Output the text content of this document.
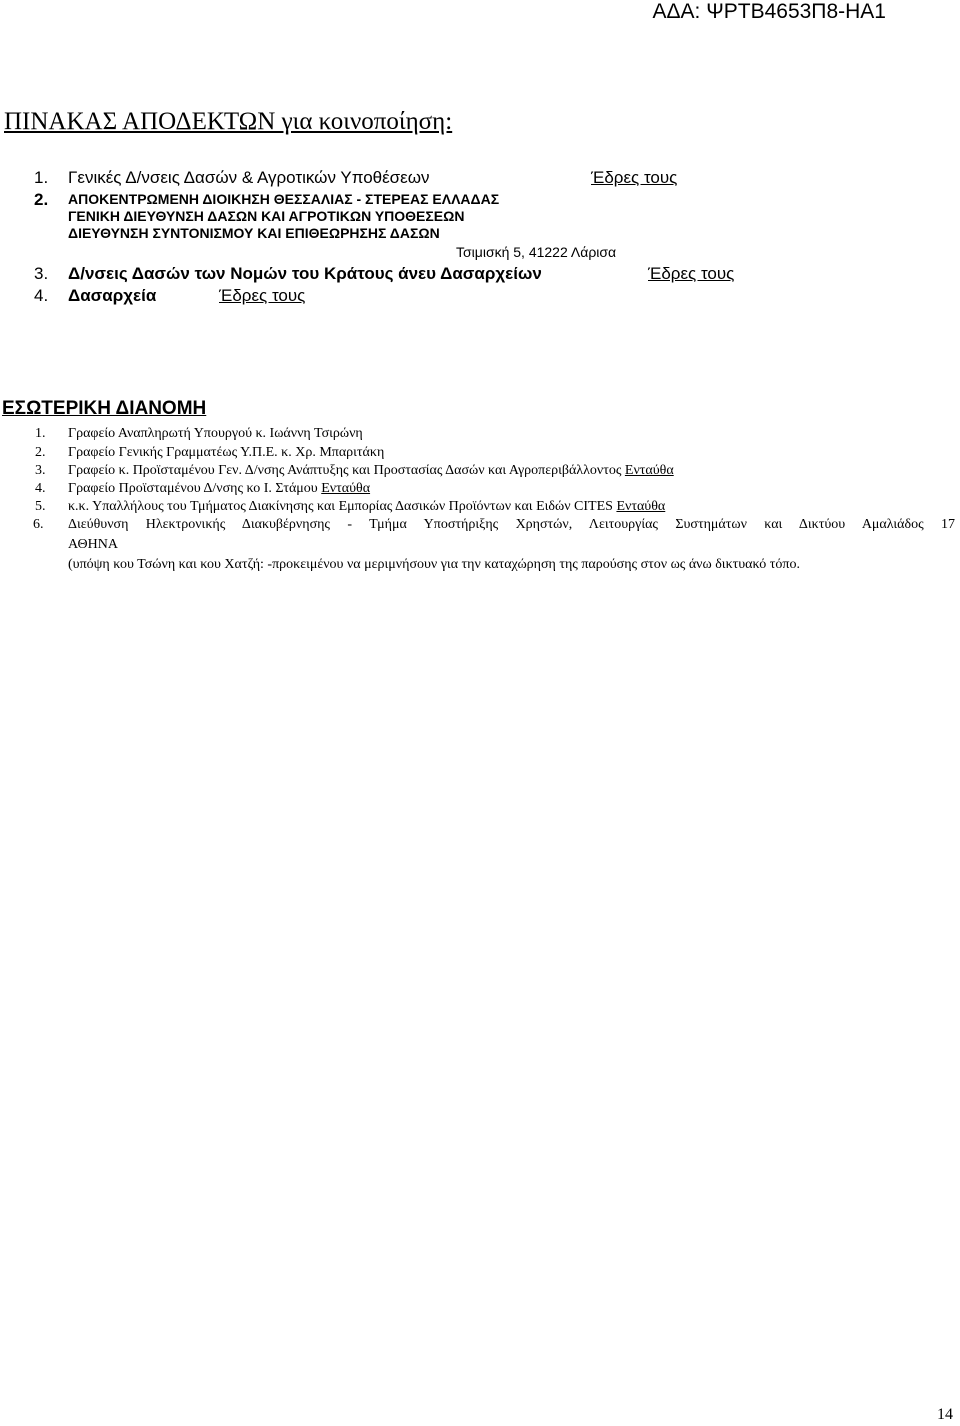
ΑΔΑ: ΨΡΤΒ4653Π8-ΗΑ1
ΠΙΝΑΚΑΣ ΑΠΟΔΕΚΤΩΝ για κοινοποίηση:
1. Γενικές Δ/νσεις Δασών & Αγροτικών Υποθέσεων	Έδρες τους
2. ΑΠΟΚΕΝΤΡΩΜΕΝΗ ΔΙΟΙΚΗΣΗ ΘΕΣΣΑΛΙΑΣ - ΣΤΕΡΕΑΣ ΕΛΛΑΔΑΣ
ΓΕΝΙΚΗ ΔΙΕΥΘΥΝΣΗ ΔΑΣΩΝ ΚΑΙ ΑΓΡΟΤΙΚΩΝ ΥΠΟΘΕΣΕΩΝ
ΔΙΕΥΘΥΝΣΗ ΣΥΝΤΟΝΙΣΜΟΥ ΚΑΙ ΕΠΙΘΕΩΡΗΣΗΣ ΔΑΣΩΝ
Τσιμισκή 5, 41222 Λάρισα
3. Δ/νσεις Δασών των Νομών του Κράτους άνευ Δασαρχείων	Έδρες τους
4. Δασαρχεία	Έδρες τους
ΕΣΩΤΕΡΙΚΗ ΔΙΑΝΟΜΗ
1. Γραφείο Αναπληρωτή Υπουργού κ. Ιωάννη Τσιρώνη
2. Γραφείο Γενικής Γραμματέως Υ.Π.Ε. κ. Χρ. Μπαριτάκη
3. Γραφείο κ. Προϊσταμένου Γεν. Δ/νσης Ανάπτυξης και Προστασίας Δασών και Αγροπεριβάλλοντος Ενταύθα
4. Γραφείο Προϊσταμένου Δ/νσης κο Ι. Στάμου Ενταύθα
5. κ.κ. Υπαλλήλους του Τμήματος Διακίνησης και Εμπορίας Δασικών Προϊόντων και Ειδών CITES Ενταύθα
6. Διεύθυνση Ηλεκτρονικής Διακυβέρνησης - Τμήμα Υποστήριξης Χρηστών, Λειτουργίας Συστημάτων και Δικτύου Αμαλιάδος 17
ΑΘΗΝΑ
(υπόψη κου Τσώνη και κου Χατζή: -προκειμένου να μεριμνήσουν για την καταχώρηση της παρούσης στον ως άνω δικτυακό τόπο.
14
